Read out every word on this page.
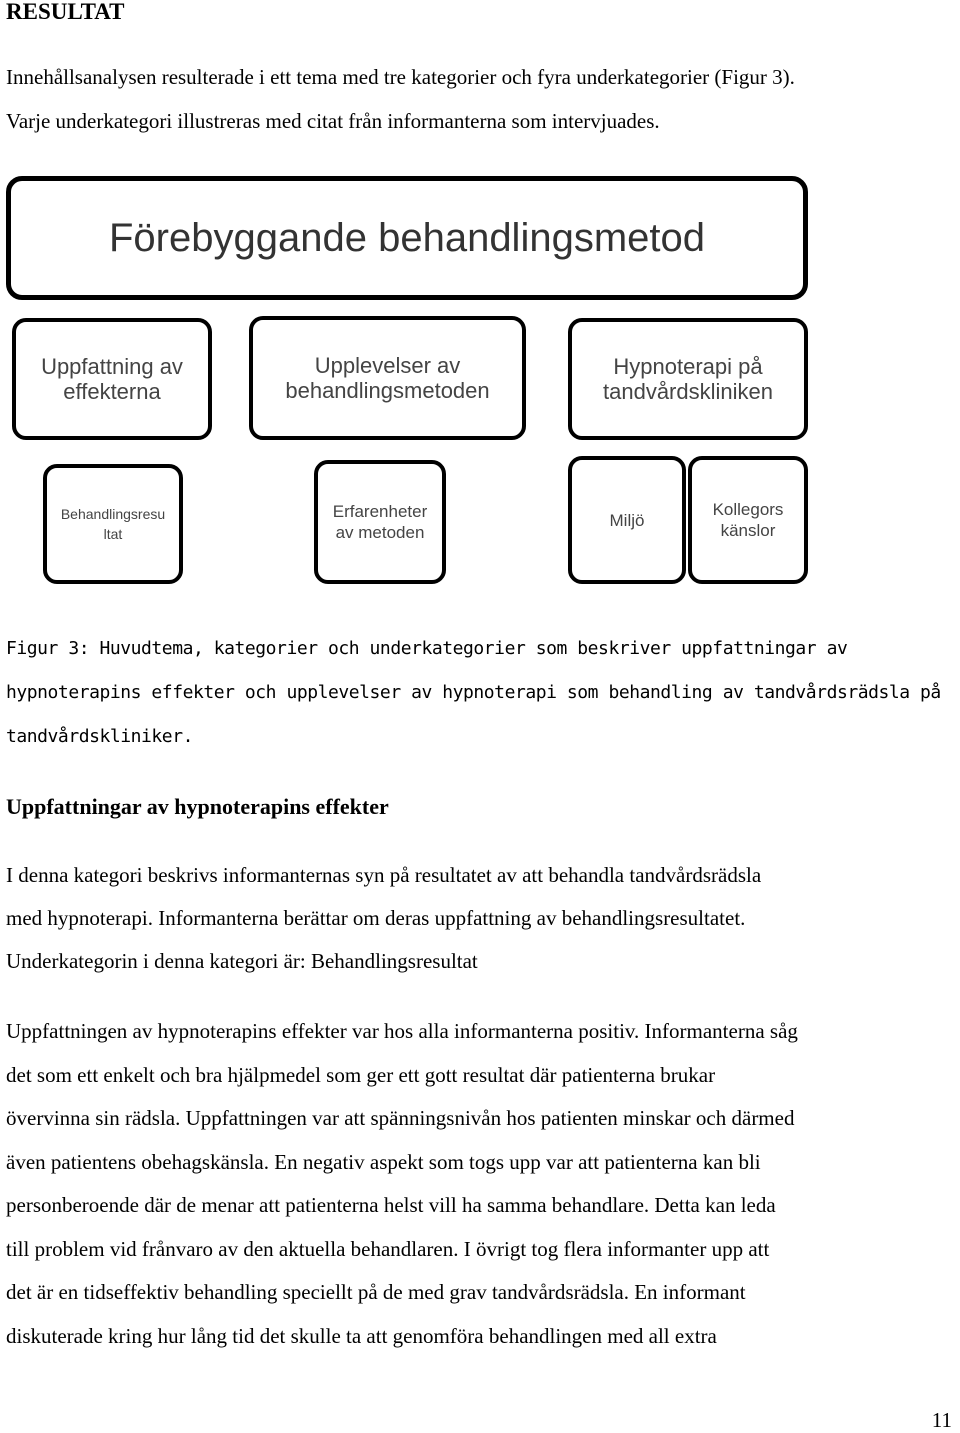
RESULTAT
Innehållsanalysen resulterade i ett tema med tre kategorier och fyra underkategorier (Figur 3).
Varje underkategori illustreras med citat från informanterna som intervjuades.
Förebyggande behandlingsmetod
Uppfattning av
effekterna
Upplevelser av
behandlingsmetoden
Hypnoterapi på
tandvårdskliniken
Behandlingsresu
ltat
Erfarenheter
av metoden
Miljö
Kollegors
känslor
Figur 3: Huvudtema, kategorier och underkategorier som beskriver uppfattningar av
hypnoterapins effekter och upplevelser av hypnoterapi som behandling av tandvårdsrädsla på
tandvårdskliniker.
Uppfattningar av hypnoterapins effekter
I denna kategori beskrivs informanternas syn på resultatet av att behandla tandvårdsrädsla
med hypnoterapi. Informanterna berättar om deras uppfattning av behandlingsresultatet.
Underkategorin i denna kategori är: Behandlingsresultat
Uppfattningen av hypnoterapins effekter var hos alla informanterna positiv. Informanterna såg
det som ett enkelt och bra hjälpmedel som ger ett gott resultat där patienterna brukar
övervinna sin rädsla. Uppfattningen var att spänningsnivån hos patienten minskar och därmed
även patientens obehagskänsla. En negativ aspekt som togs upp var att patienterna kan bli
personberoende där de menar att patienterna helst vill ha samma behandlare. Detta kan leda
till problem vid frånvaro av den aktuella behandlaren. I övrigt tog flera informanter upp att
det är en tidseffektiv behandling speciellt på de med grav tandvårdsrädsla. En informant
diskuterade kring hur lång tid det skulle ta att genomföra behandlingen med all extra
11
